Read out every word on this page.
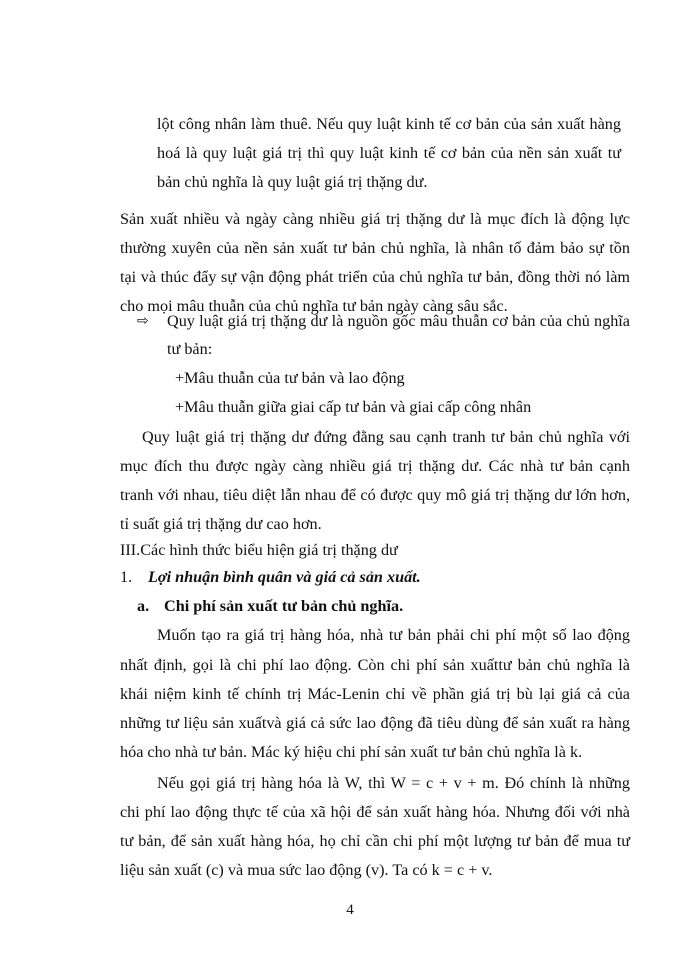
lột công nhân làm thuê. Nếu quy luật kinh tế cơ bản của sản xuất hàng

hoá là quy luật giá trị thì quy luật kinh tế cơ bản của nền sản xuất tư

bản chủ nghĩa là quy luật giá trị thặng dư.

Sản xuất nhiều và ngày càng nhiều giá trị thặng dư là mục đích là động lực

thường xuyên của nền sản xuất tư bản chủ nghĩa, là nhân tố đảm bảo sự tồn

tại và thúc đẩy sự vận động phát triển của chủ nghĩa tư bản, đồng thời nó làm

cho mọi mâu thuẫn của chủ nghĩa tư bản ngày càng sâu sắc.

⇨	Quy luật giá trị thặng dư là nguồn gốc mâu thuẫn cơ bản của chủ nghĩa

tư bản:

+Mâu thuẫn của tư bản và lao động

+Mâu thuẫn giữa giai cấp tư bản và giai cấp công nhân

Quy luật giá trị thặng dư đứng đằng sau cạnh tranh tư bản chủ nghĩa với

mục đích thu được ngày càng nhiều giá trị thặng dư. Các nhà tư bản cạnh

tranh với nhau, tiêu diệt lẫn nhau để có được quy mô giá trị thặng dư lớn hơn,

tỉ suất giá trị thặng dư cao hơn.

III.Các hình thức biểu hiện giá trị thặng dư

1. Lợi nhuận bình quân và giá cả sản xuất.

a. Chi phí sản xuất tư bản chủ nghĩa.

Muốn tạo ra giá trị hàng hóa, nhà tư bản phải chi phí một số lao động

nhất định, gọi là chi phí lao động. Còn chi phí sản xuấttư bản chủ nghĩa là

khái niệm kinh tế chính trị Mác-Lenin chỉ về phần giá trị bù lại giá cả của

những tư liệu sản xuấtvà giá cả sức lao động đã tiêu dùng để sản xuất ra hàng

hóa cho nhà tư bản. Mác ký hiệu chi phí sản xuất tư bản chủ nghĩa là k.

Nếu gọi giá trị hàng hóa là W, thì W = c + v + m. Đó chính là những

chi phí lao động thực tế của xã hội để sản xuất hàng hóa. Nhưng đối với nhà

tư bản, để sản xuất hàng hóa, họ chỉ cần chi phí một lượng tư bản để mua tư

liệu sản xuất (c) và mua sức lao động (v). Ta có k = c + v.

4
